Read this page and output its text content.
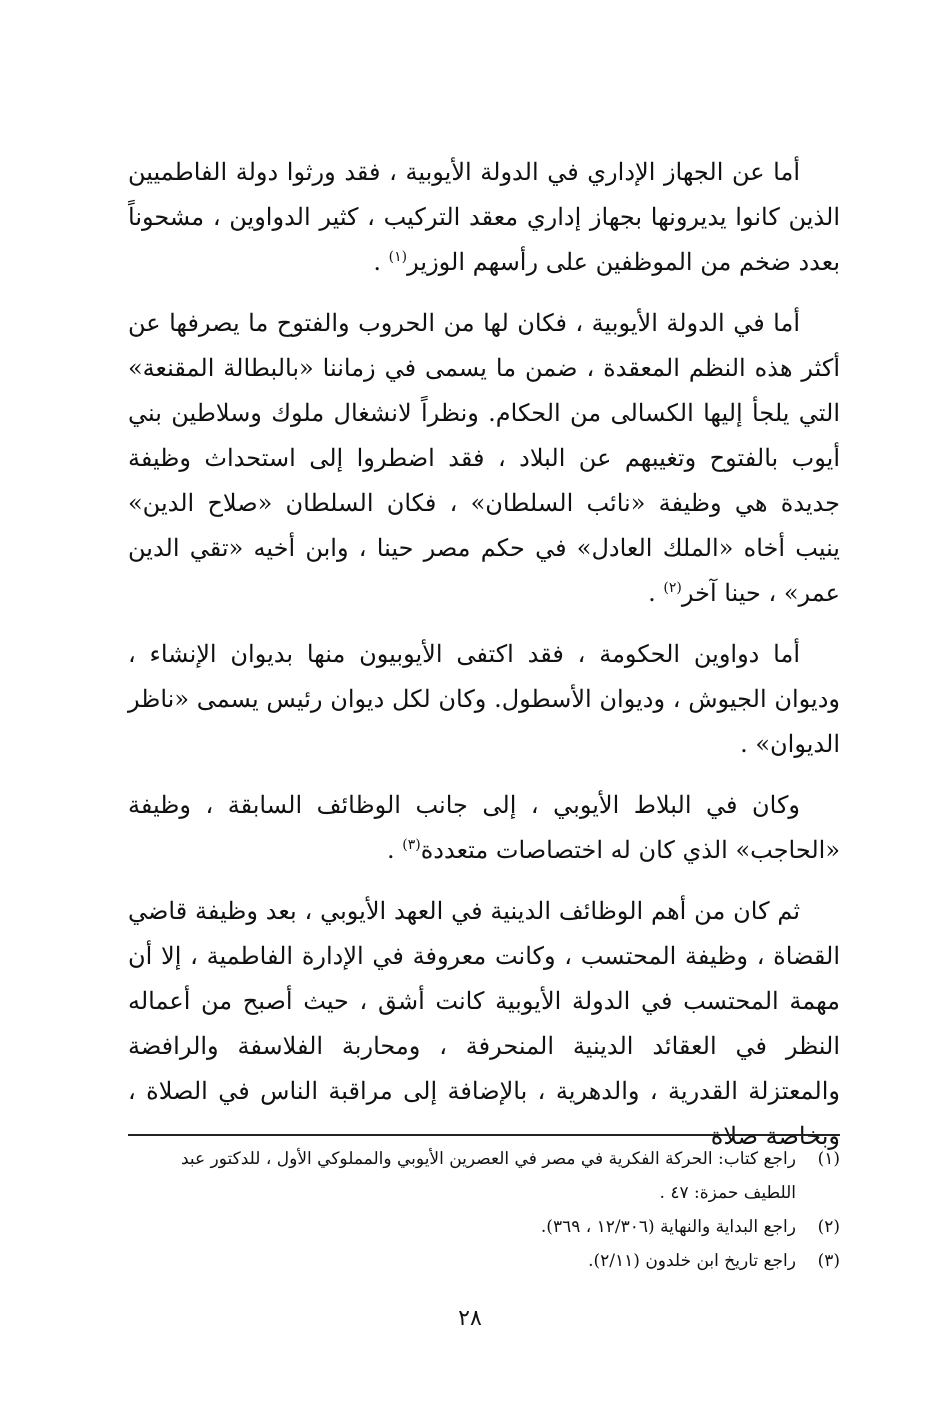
أما عن الجهاز الإداري في الدولة الأيوبية ، فقد ورثوا دولة الفاطميين الذين كانوا يديرونها بجهاز إداري معقد التركيب ، كثير الدواوين ، مشحوناً بعدد ضخم من الموظفين على رأسهم الوزير$^{(١)}$ .

أما في الدولة الأيوبية ، فكان لها من الحروب والفتوح ما يصرفها عن أكثر هذه النظم المعقدة ، ضمن ما يسمى في زماننا «بالبطالة المقنعة» التي يلجأ إليها الكسالى من الحكام. ونظراً لانشغال ملوك وسلاطين بني أيوب بالفتوح وتغيبهم عن البلاد ، فقد اضطروا إلى استحداث وظيفة جديدة هي وظيفة «نائب السلطان» ، فكان السلطان «صلاح الدين» ينيب أخاه «الملك العادل» في حكم مصر حينا ، وابن أخيه «تقي الدين عمر» ، حينا آخر$^{(٢)}$ .

أما دواوين الحكومة ، فقد اكتفى الأيوبيون منها بديوان الإنشاء ، وديوان الجيوش ، وديوان الأسطول. وكان لكل ديوان رئيس يسمى «ناظر الديوان» .

وكان في البلاط الأيوبي ، إلى جانب الوظائف السابقة ، وظيفة «الحاجب» الذي كان له اختصاصات متعددة$^{(٣)}$ .

ثم كان من أهم الوظائف الدينية في العهد الأيوبي ، بعد وظيفة قاضي القضاة ، وظيفة المحتسب ، وكانت معروفة في الإدارة الفاطمية ، إلا أن مهمة المحتسب في الدولة الأيوبية كانت أشق ، حيث أصبح من أعماله النظر في العقائد الدينية المنحرفة ، ومحاربة الفلاسفة والرافضة والمعتزلة القدرية ، والدهرية ، بالإضافة إلى مراقبة الناس في الصلاة ، وبخاصة صلاة

(١)
راجع كتاب: الحركة الفكرية في مصر في العصرين الأيوبي والمملوكي الأول ، للدكتور عبد اللطيف حمزة: ٤٧ .

(٢)
راجع البداية والنهاية (١٢/٣٠٦ ، ٣٦٩).

(٣)
راجع تاريخ ابن خلدون (٢/١١).

٢٨
